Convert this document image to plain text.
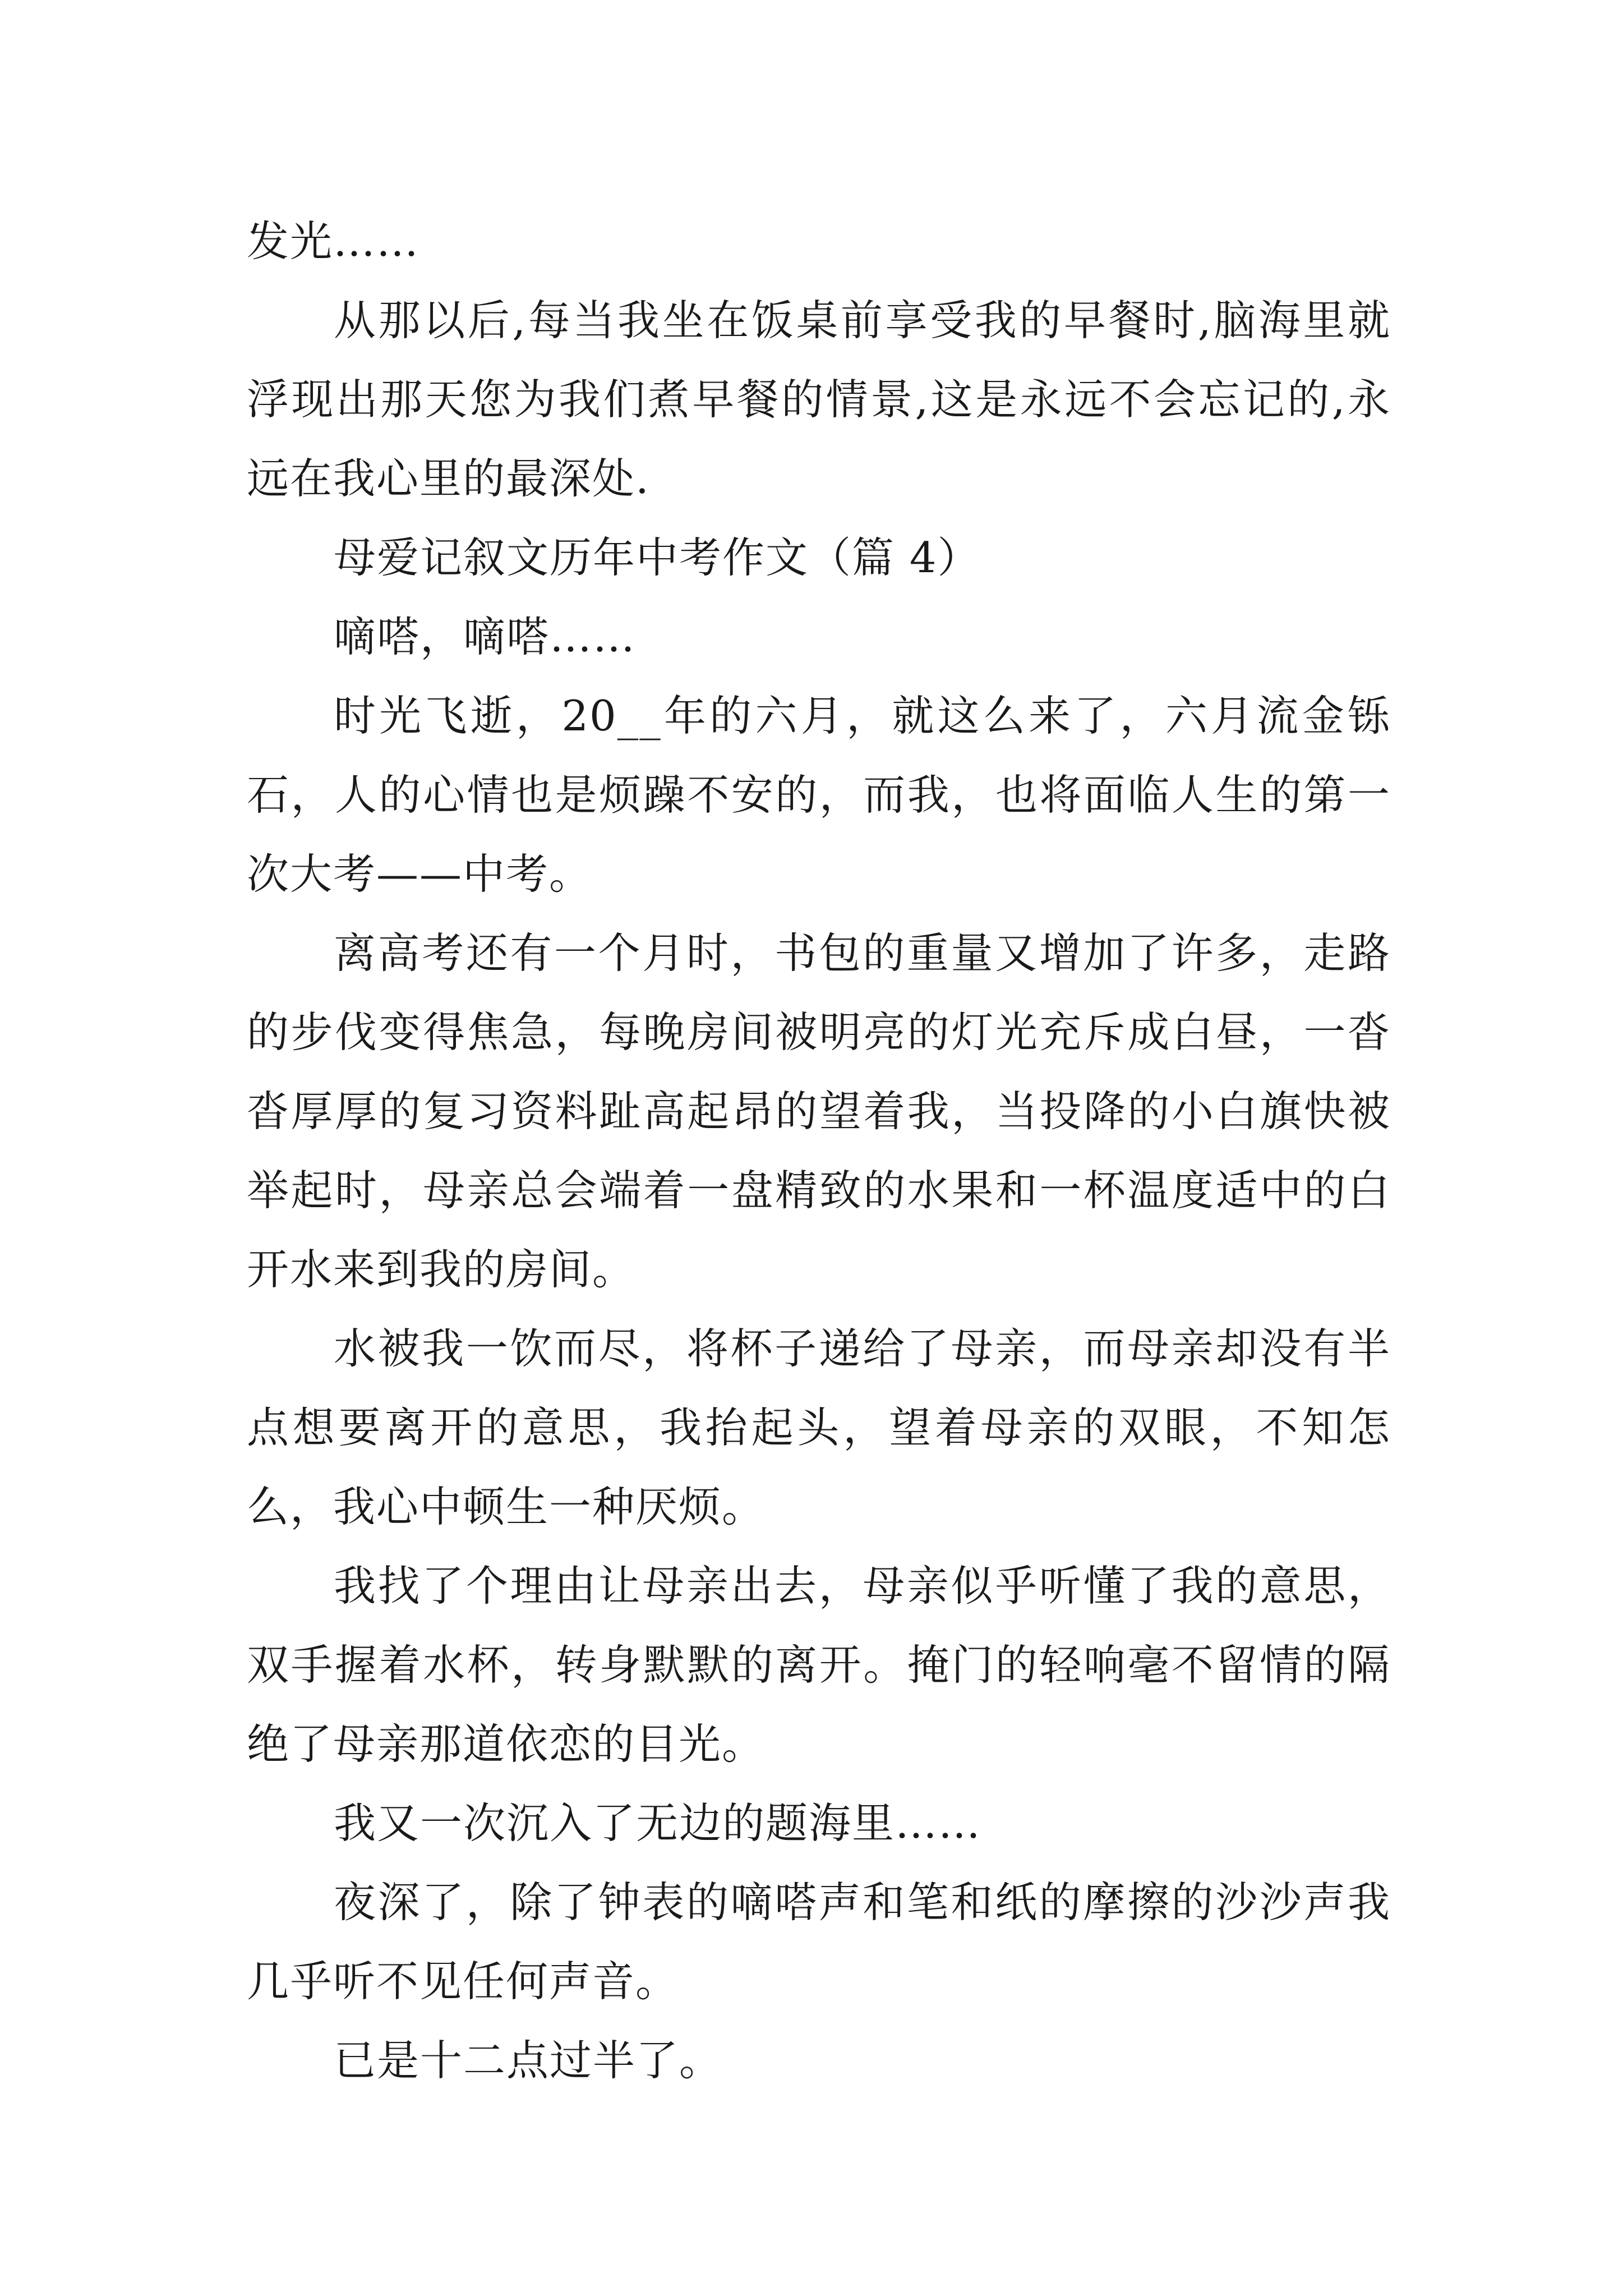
发光……

从那以后,每当我坐在饭桌前享受我的早餐时,脑海里就浮现出那天您为我们煮早餐的情景,这是永远不会忘记的,永远在我心里的最深处.

母爱记叙文历年中考作文（篇 4）

嘀嗒，嘀嗒……

时光飞逝，20__年的六月，就这么来了，六月流金铄石，人的心情也是烦躁不安的，而我，也将面临人生的第一次大考——中考。

离高考还有一个月时，书包的重量又增加了许多，走路的步伐变得焦急，每晚房间被明亮的灯光充斥成白昼，一沓沓厚厚的复习资料趾高起昂的望着我，当投降的小白旗快被举起时，母亲总会端着一盘精致的水果和一杯温度适中的白开水来到我的房间。

水被我一饮而尽，将杯子递给了母亲，而母亲却没有半点想要离开的意思，我抬起头，望着母亲的双眼，不知怎么，我心中顿生一种厌烦。

我找了个理由让母亲出去，母亲似乎听懂了我的意思，双手握着水杯，转身默默的离开。掩门的轻响毫不留情的隔绝了母亲那道依恋的目光。

我又一次沉入了无边的题海里……

夜深了，除了钟表的嘀嗒声和笔和纸的摩擦的沙沙声我几乎听不见任何声音。

已是十二点过半了。
